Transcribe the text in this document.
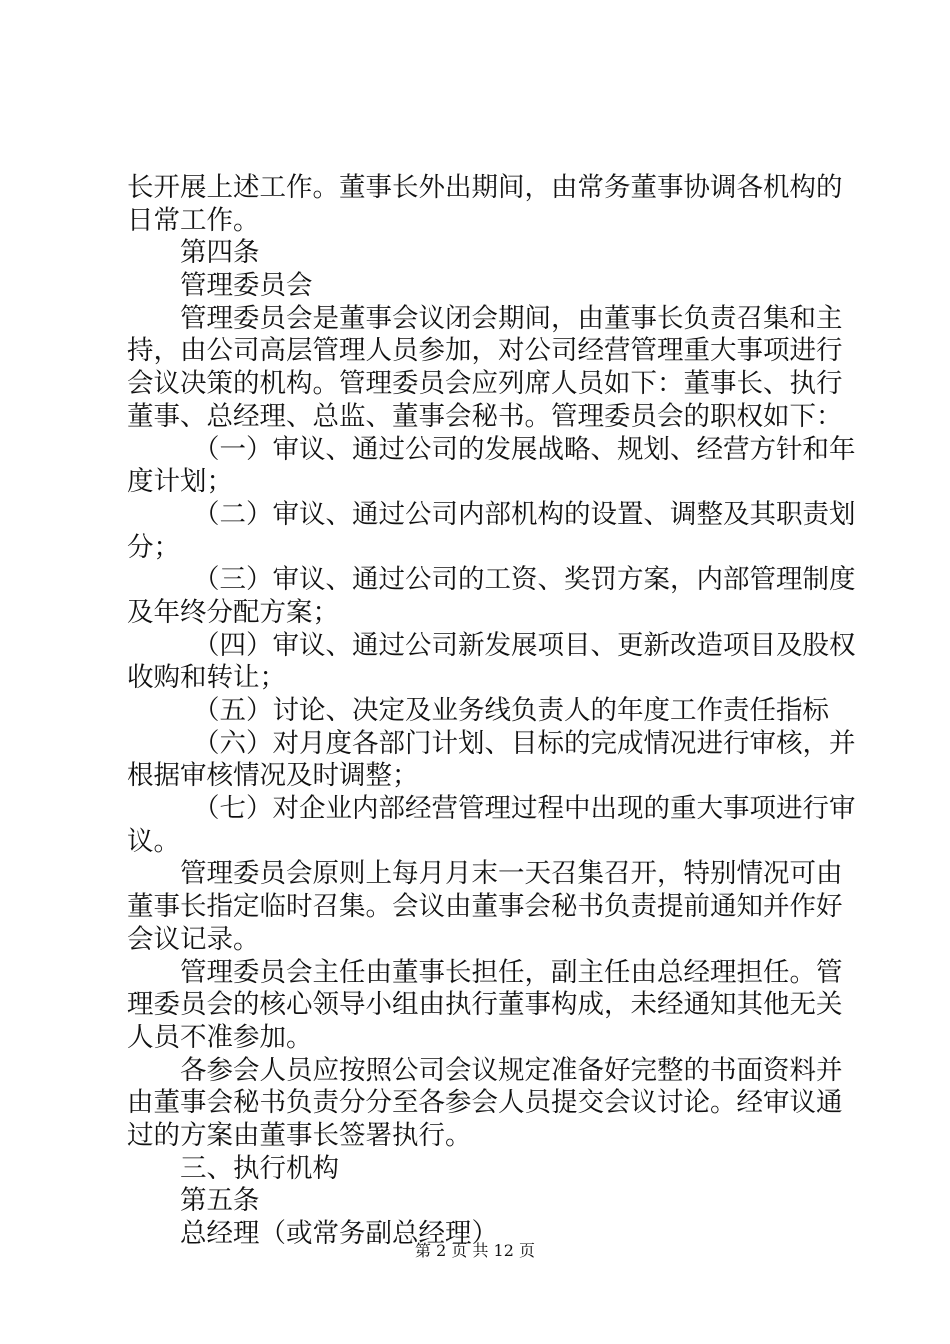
长开展上述工作。董事长外出期间，由常务董事协调各机构的
日常工作。
第四条
管理委员会
管理委员会是董事会议闭会期间，由董事长负责召集和主
持，由公司高层管理人员参加，对公司经营管理重大事项进行
会议决策的机构。管理委员会应列席人员如下：董事长、执行
董事、总经理、总监、董事会秘书。管理委员会的职权如下：
（一）审议、通过公司的发展战略、规划、经营方针和年
度计划；
（二）审议、通过公司内部机构的设置、调整及其职责划
分；
（三）审议、通过公司的工资、奖罚方案，内部管理制度
及年终分配方案；
（四）审议、通过公司新发展项目、更新改造项目及股权
收购和转让；
（五）讨论、决定及业务线负责人的年度工作责任指标
（六）对月度各部门计划、目标的完成情况进行审核，并
根据审核情况及时调整；
（七）对企业内部经营管理过程中出现的重大事项进行审
议。
管理委员会原则上每月月末一天召集召开，特别情况可由
董事长指定临时召集。会议由董事会秘书负责提前通知并作好
会议记录。
管理委员会主任由董事长担任，副主任由总经理担任。管
理委员会的核心领导小组由执行董事构成，未经通知其他无关
人员不准参加。
各参会人员应按照公司会议规定准备好完整的书面资料并
由董事会秘书负责分分至各参会人员提交会议讨论。经审议通
过的方案由董事长签署执行。
三、执行机构
第五条
总经理（或常务副总经理）
第 2 页 共 12 页
